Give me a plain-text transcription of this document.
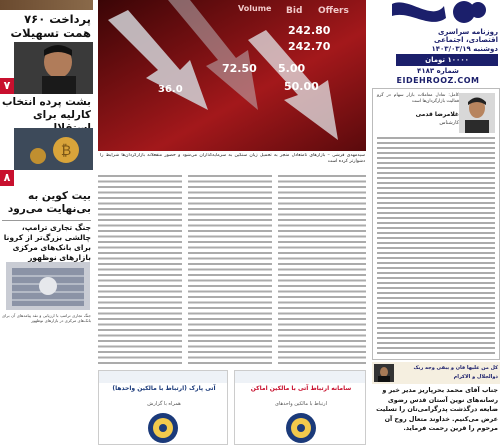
روزنامه سراسری
اقتصادی، اجتماعی
دوشنبه ۱۴۰۳/۰۳/۱۹
۱۰۰۰۰ تومان
شماره ۴۱۸۳
EIDEHROOZ.COM
پرداخت ۷۶۰ همت تسهیلات
۷
بشت پرده انتخاب کارلیه برای
₿
۸
بیت کوین به بی‌نهایت می‌رود
جنگ تجاری ترامپ، چالشی بزرگ‌تر از کرونا برای بانک‌های مرکزی بازارهای نوظهور
جنگ تجاری ترامپ با ارزیابی و نقد پیامدهای آن برای بانک‌های مرکزی در بازارهای نوظهور
Bid Offers
Volume
242.80
72.50 5.00
36.0	50.00
242.70
سیدمهدی قرشی – بازارهای نامتعادل منجر به تحمیل زیان سنگین به سرمایه‌گذاران می‌شود و حضور منفعلانه بازارگردان‌ها شرایط را دشوارتر کرده است
کامل: تعادل معاملات بازار سهام در گرو فعالیت بازارگردان‌ها است
غلامرضا قدمی
کارشناس
آتی پارک (ارتباط با مالکین واحدها)
همراه با گزارش
سامانه ارتباط آتی با مالکین اماکن
ارتباط با مالکین واحدهای
کل من علیها فان و یبقی وجه ربک ذوالجلال و الاکرام
جناب آقای محمد بحرپاریز مدیر خبر و رسانه‌های نوین آستان قدس رضوی ضایعه درگذشت پدرگرامی‌تان را تسلیت عرض می‌کنیم. خداوند متعال روح آن مرحوم را قرین رحمت فرماید.
